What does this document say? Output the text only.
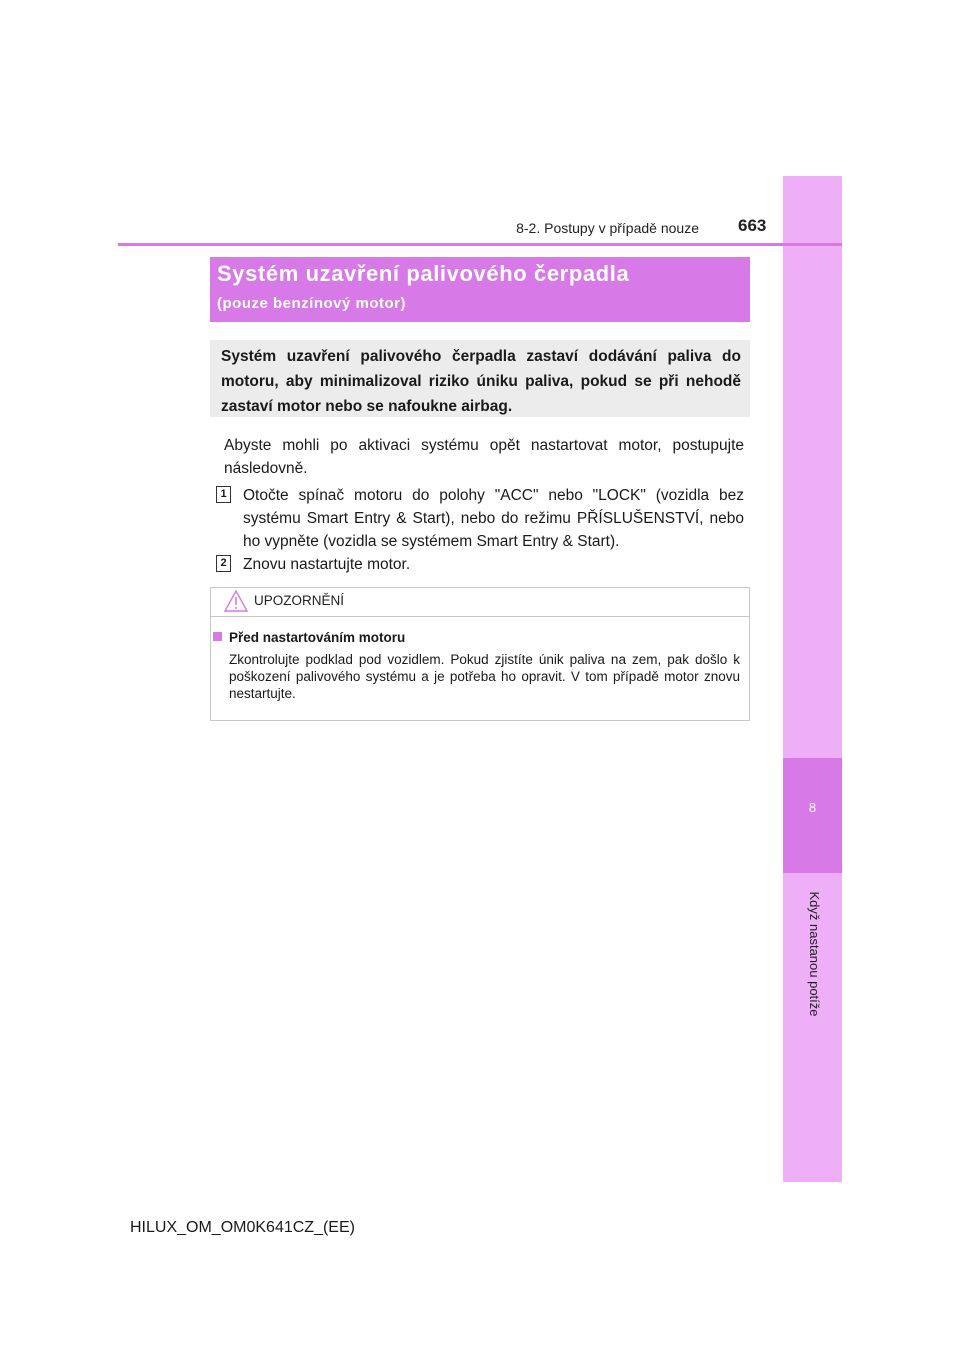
8
Když nastanou potíže
8-2. Postupy v případě nouze 663
Systém uzavření palivového čerpadla
(pouze benzínový motor)
Systém uzavření palivového čerpadla zastaví dodávání paliva do motoru, aby minimalizoval riziko úniku paliva, pokud se při nehodě zastaví motor nebo se nafoukne airbag.
Abyste mohli po aktivaci systému opět nastartovat motor, postupujte následovně.
1 Otočte spínač motoru do polohy "ACC" nebo "LOCK" (vozidla bez systému Smart Entry & Start), nebo do režimu PŘÍSLUŠENSTVÍ, nebo ho vypněte (vozidla se systémem Smart Entry & Start).
2 Znovu nastartujte motor.
UPOZORNĚNÍ
Před nastartováním motoru
Zkontrolujte podklad pod vozidlem. Pokud zjistíte únik paliva na zem, pak došlo k poškození palivového systému a je potřeba ho opravit. V tom případě motor znovu nestartujte.
HILUX_OM_OM0K641CZ_(EE)
